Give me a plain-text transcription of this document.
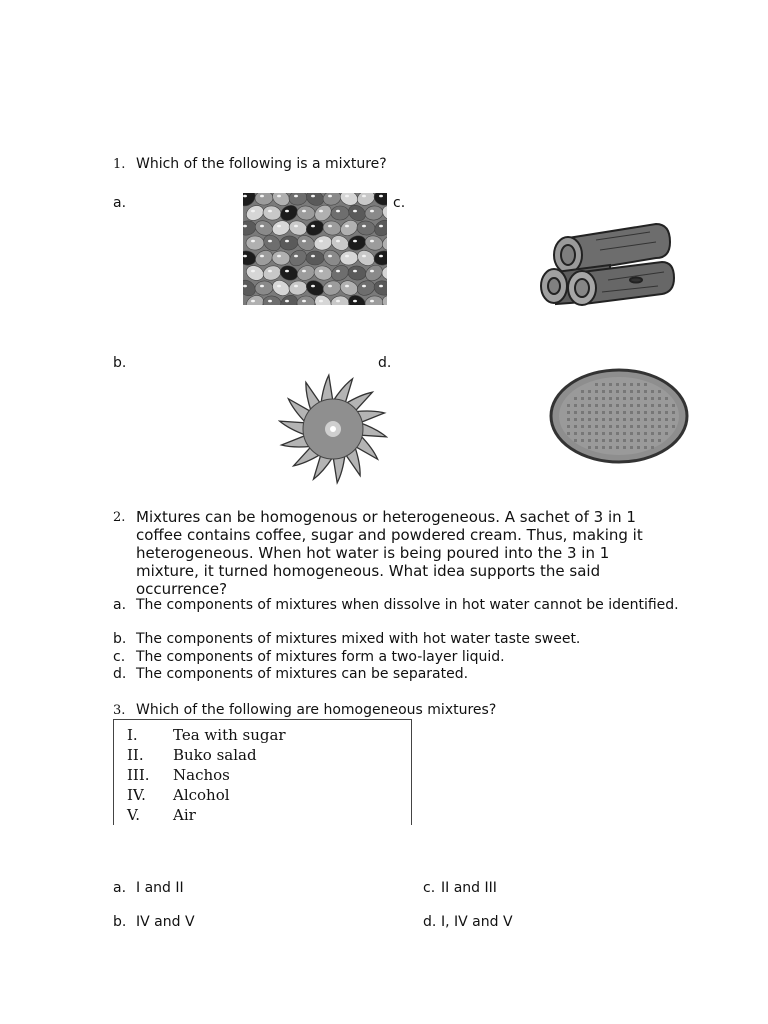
1. Which of the following is a mixture?
a.	c.
b.	d.
2. Mixtures can be homogenous or heterogeneous. A sachet of 3 in 1 coffee contains coffee, sugar and powdered cream. Thus, making it heterogeneous. When hot water is being poured into the 3 in 1 mixture, it turned homogeneous. What idea supports the said occurrence?
a. The components of mixtures when dissolve in hot water cannot be identified.
b. The components of mixtures mixed with hot water taste sweet.
c. The components of mixtures form a two-layer liquid.
d. The components of mixtures can be separated.
3. Which of the following are homogeneous mixtures?
I. Tea with sugar
II. Buko salad
III. Nachos
IV. Alcohol
V. Air
a. I and II
b. IV and V
c. II and III
d. I, IV and V
